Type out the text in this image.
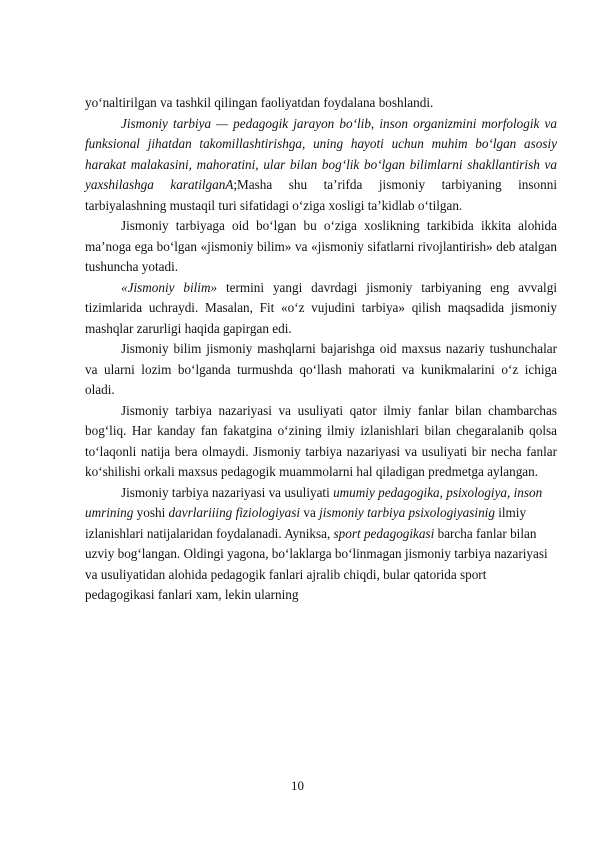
yo‘naltirilgan va tashkil qilingan faoliyatdan foydalana boshlandi.

Jismoniy tarbiya — pedagogik jarayon bo‘lib, inson organizmini morfologik va funksional jihatdan takomillashtirishga, uning hayoti uchun muhim bo‘lgan asosiy harakat malakasini, mahoratini, ular bilan bog‘lik bo‘lgan bilimlarni shakllantirish va yaxshilashga karatilganA;Masha shu ta’rifda jismoniy tarbiyaning insonni tarbiyalashning mustaqil turi sifatidagi o‘ziga xosligi ta’kidlab o‘tilgan.

Jismoniy tarbiyaga oid bo‘lgan bu o‘ziga xoslikning tarkibida ikkita alohida ma’noga ega bo‘lgan «jismoniy bilim» va «jismoniy sifatlarni rivojlantirish» deb atalgan tushuncha yotadi.

«Jismoniy bilim» termini yangi davrdagi jismoniy tarbiyaning eng avvalgi tizimlarida uchraydi. Masalan, Fit «o‘z vujudini tarbiya» qilish maqsadida jismoniy mashqlar zarurligi haqida gapirgan edi.

Jismoniy bilim jismoniy mashqlarni bajarishga oid maxsus nazariy tushunchalar va ularni lozim bo‘lganda turmushda qo‘llash mahorati va kunikmalarini o‘z ichiga oladi.

Jismoniy tarbiya nazariyasi va usuliyati qator ilmiy fanlar bilan chambarchas bog‘liq. Har kanday fan fakatgina o‘zining ilmiy izlanishlari bilan chegaralanib qolsa to‘laqonli natija bera olmaydi. Jismoniy tarbiya nazariyasi va usuliyati bir necha fanlar ko‘shilishi orkali maxsus pedagogik muammolarni hal qiladigan predmetga aylangan.

Jismoniy tarbiya nazariyasi va usuliyati umumiy pedagogika, psixologiya, inson umrining yoshi davrlariiing fiziologiyasi va jismoniy tarbiya psixologiyasinig ilmiy izlanishlari natijalaridan foydalanadi. Ayniksa, sport pedagogikasi barcha fanlar bilan uzviy bog‘langan. Oldingi yagona, bo‘laklarga bo‘linmagan jismoniy tarbiya nazariyasi va usuliyatidan alohida pedagogik fanlari ajralib chiqdi, bular qatorida sport pedagogikasi fanlari xam, lekin ularning

10
